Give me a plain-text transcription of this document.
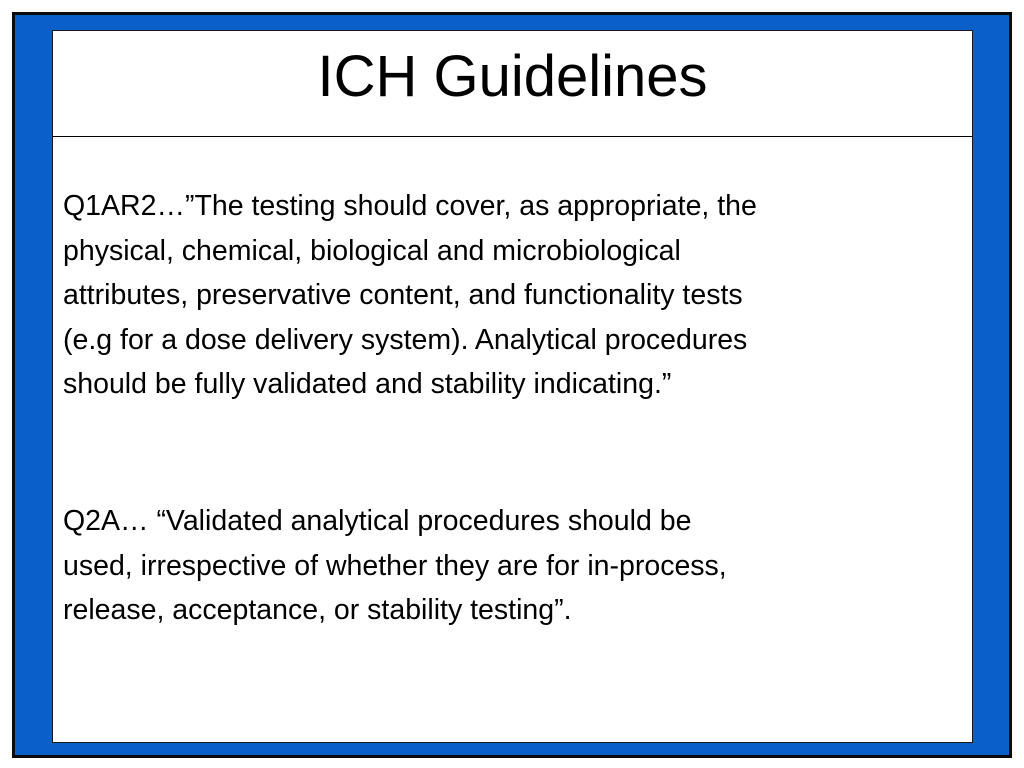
ICH Guidelines

Q1AR2…”The testing should cover, as appropriate, the
physical, chemical, biological and microbiological
attributes, preservative content, and functionality tests
(e.g for a dose delivery system). Analytical procedures
should be fully validated and stability indicating.”

Q2A… “Validated analytical procedures should be
used, irrespective of whether they are for in-process,
release, acceptance, or stability testing”.
